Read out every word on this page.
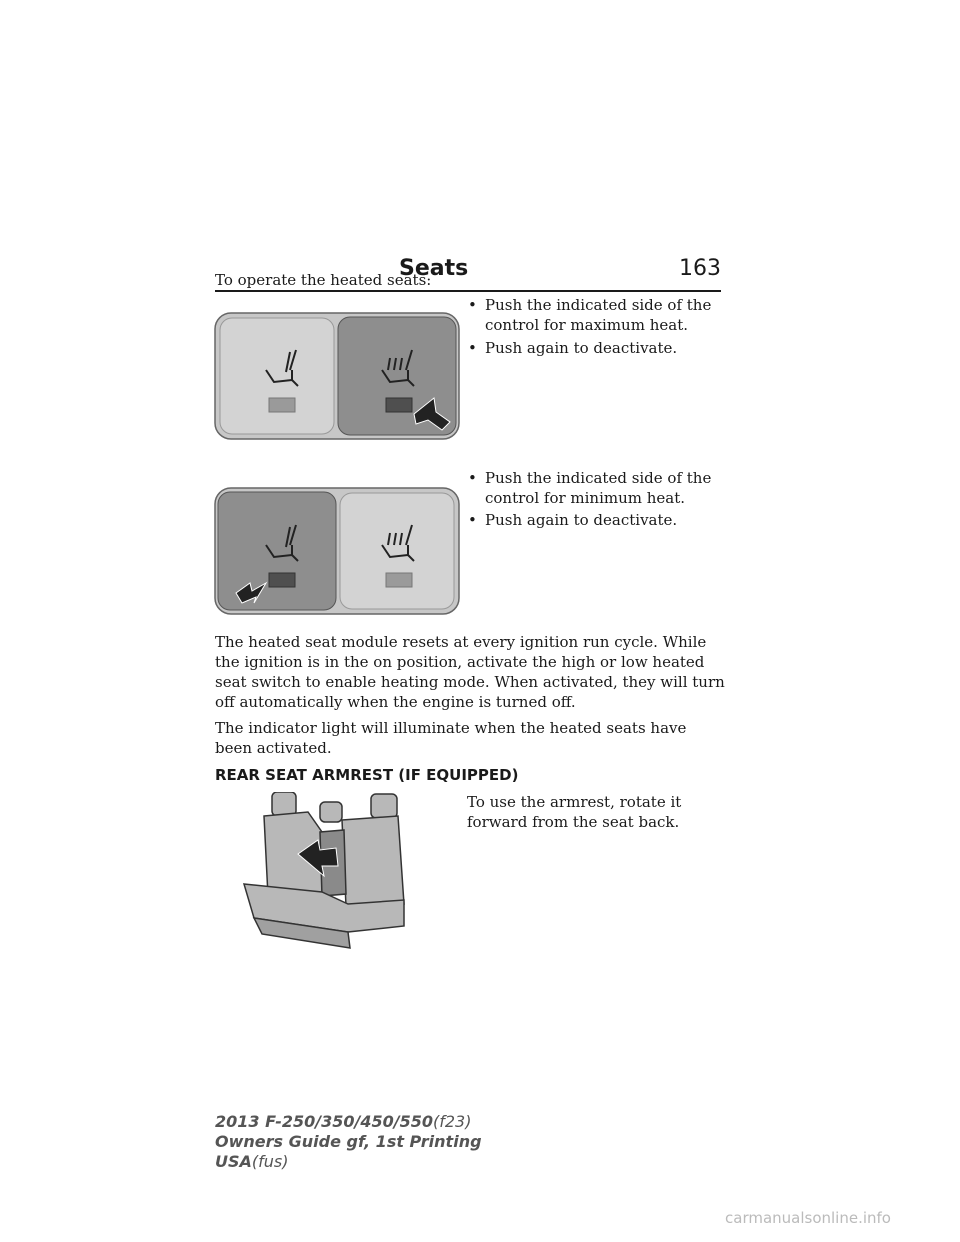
Seats	163
To operate the heated seats:
• Push the indicated side of the control for maximum heat.
• Push again to deactivate.
• Push the indicated side of the control for minimum heat.
• Push again to deactivate.
The heated seat module resets at every ignition run cycle. While the ignition is in the on position, activate the high or low heated seat switch to enable heating mode. When activated, they will turn off automatically when the engine is turned off.
The indicator light will illuminate when the heated seats have been activated.
REAR SEAT ARMREST (IF EQUIPPED)
To use the armrest, rotate it forward from the seat back.
2013 F-250/350/450/550(f23)
Owners Guide gf, 1st Printing
USA(fus)
carmanualsonline.info
